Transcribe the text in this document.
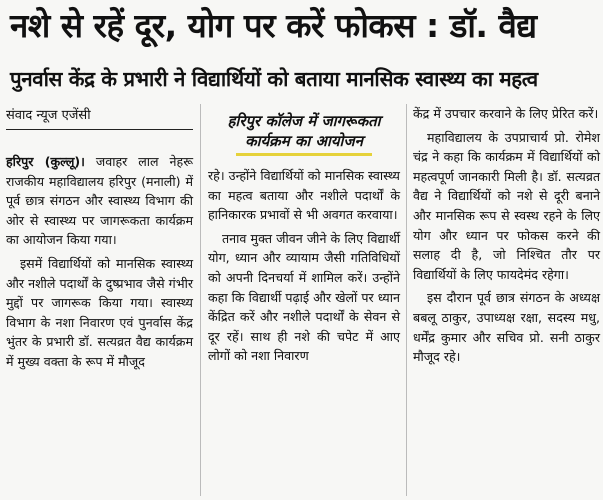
नशे से रहें दूर, योग पर करें फोकस : डॉ. वैद्य
पुनर्वास केंद्र के प्रभारी ने विद्यार्थियों को बताया मानसिक स्वास्थ्य का महत्व
संवाद न्यूज एजेंसी

हरिपुर (कुल्लू)। जवाहर लाल नेहरू राजकीय महाविद्यालय हरिपुर (मनाली) में पूर्व छात्र संगठन और स्वास्थ्य विभाग की ओर से स्वास्थ्य पर जागरूकता कार्यक्रम का आयोजन किया गया।

इसमें विद्यार्थियों को मानसिक स्वास्थ्य और नशीले पदार्थों के दुष्प्रभाव जैसे गंभीर मुद्दों पर जागरूक किया गया। स्वास्थ्य विभाग के नशा निवारण एवं पुनर्वास केंद्र भुंतर के प्रभारी डॉ. सत्यव्रत वैद्य कार्यक्रम में मुख्य वक्ता के रूप में मौजूद

हरिपुर कॉलेज में जागरूकता कार्यक्रम का आयोजन

रहे। उन्होंने विद्यार्थियों को मानसिक स्वास्थ्य का महत्व बताया और नशीले पदार्थों के हानिकारक प्रभावों से भी अवगत करवाया।

तनाव मुक्त जीवन जीने के लिए विद्यार्थी योग, ध्यान और व्यायाम जैसी गतिविधियों को अपनी दिनचर्या में शामिल करें। उन्होंने कहा कि विद्यार्थी पढ़ाई और खेलों पर ध्यान केंद्रित करें और नशीले पदार्थों के सेवन से दूर रहें। साथ ही नशे की चपेट में आए लोगों को नशा निवारण

केंद्र में उपचार करवाने के लिए प्रेरित करें।

महाविद्यालय के उपप्राचार्य प्रो. रोमेश चंद्र ने कहा कि कार्यक्रम में विद्यार्थियों को महत्वपूर्ण जानकारी मिली है। डॉ. सत्यव्रत वैद्य ने विद्यार्थियों को नशे से दूरी बनाने और मानसिक रूप से स्वस्थ रहने के लिए योग और ध्यान पर फोकस करने की सलाह दी है, जो निश्चित तौर पर विद्यार्थियों के लिए फायदेमंद रहेगा।

इस दौरान पूर्व छात्र संगठन के अध्यक्ष बबलू ठाकुर, उपाध्यक्ष रक्षा, सदस्य मधु, धर्मेंद्र कुमार और सचिव प्रो. सनी ठाकुर मौजूद रहे।
